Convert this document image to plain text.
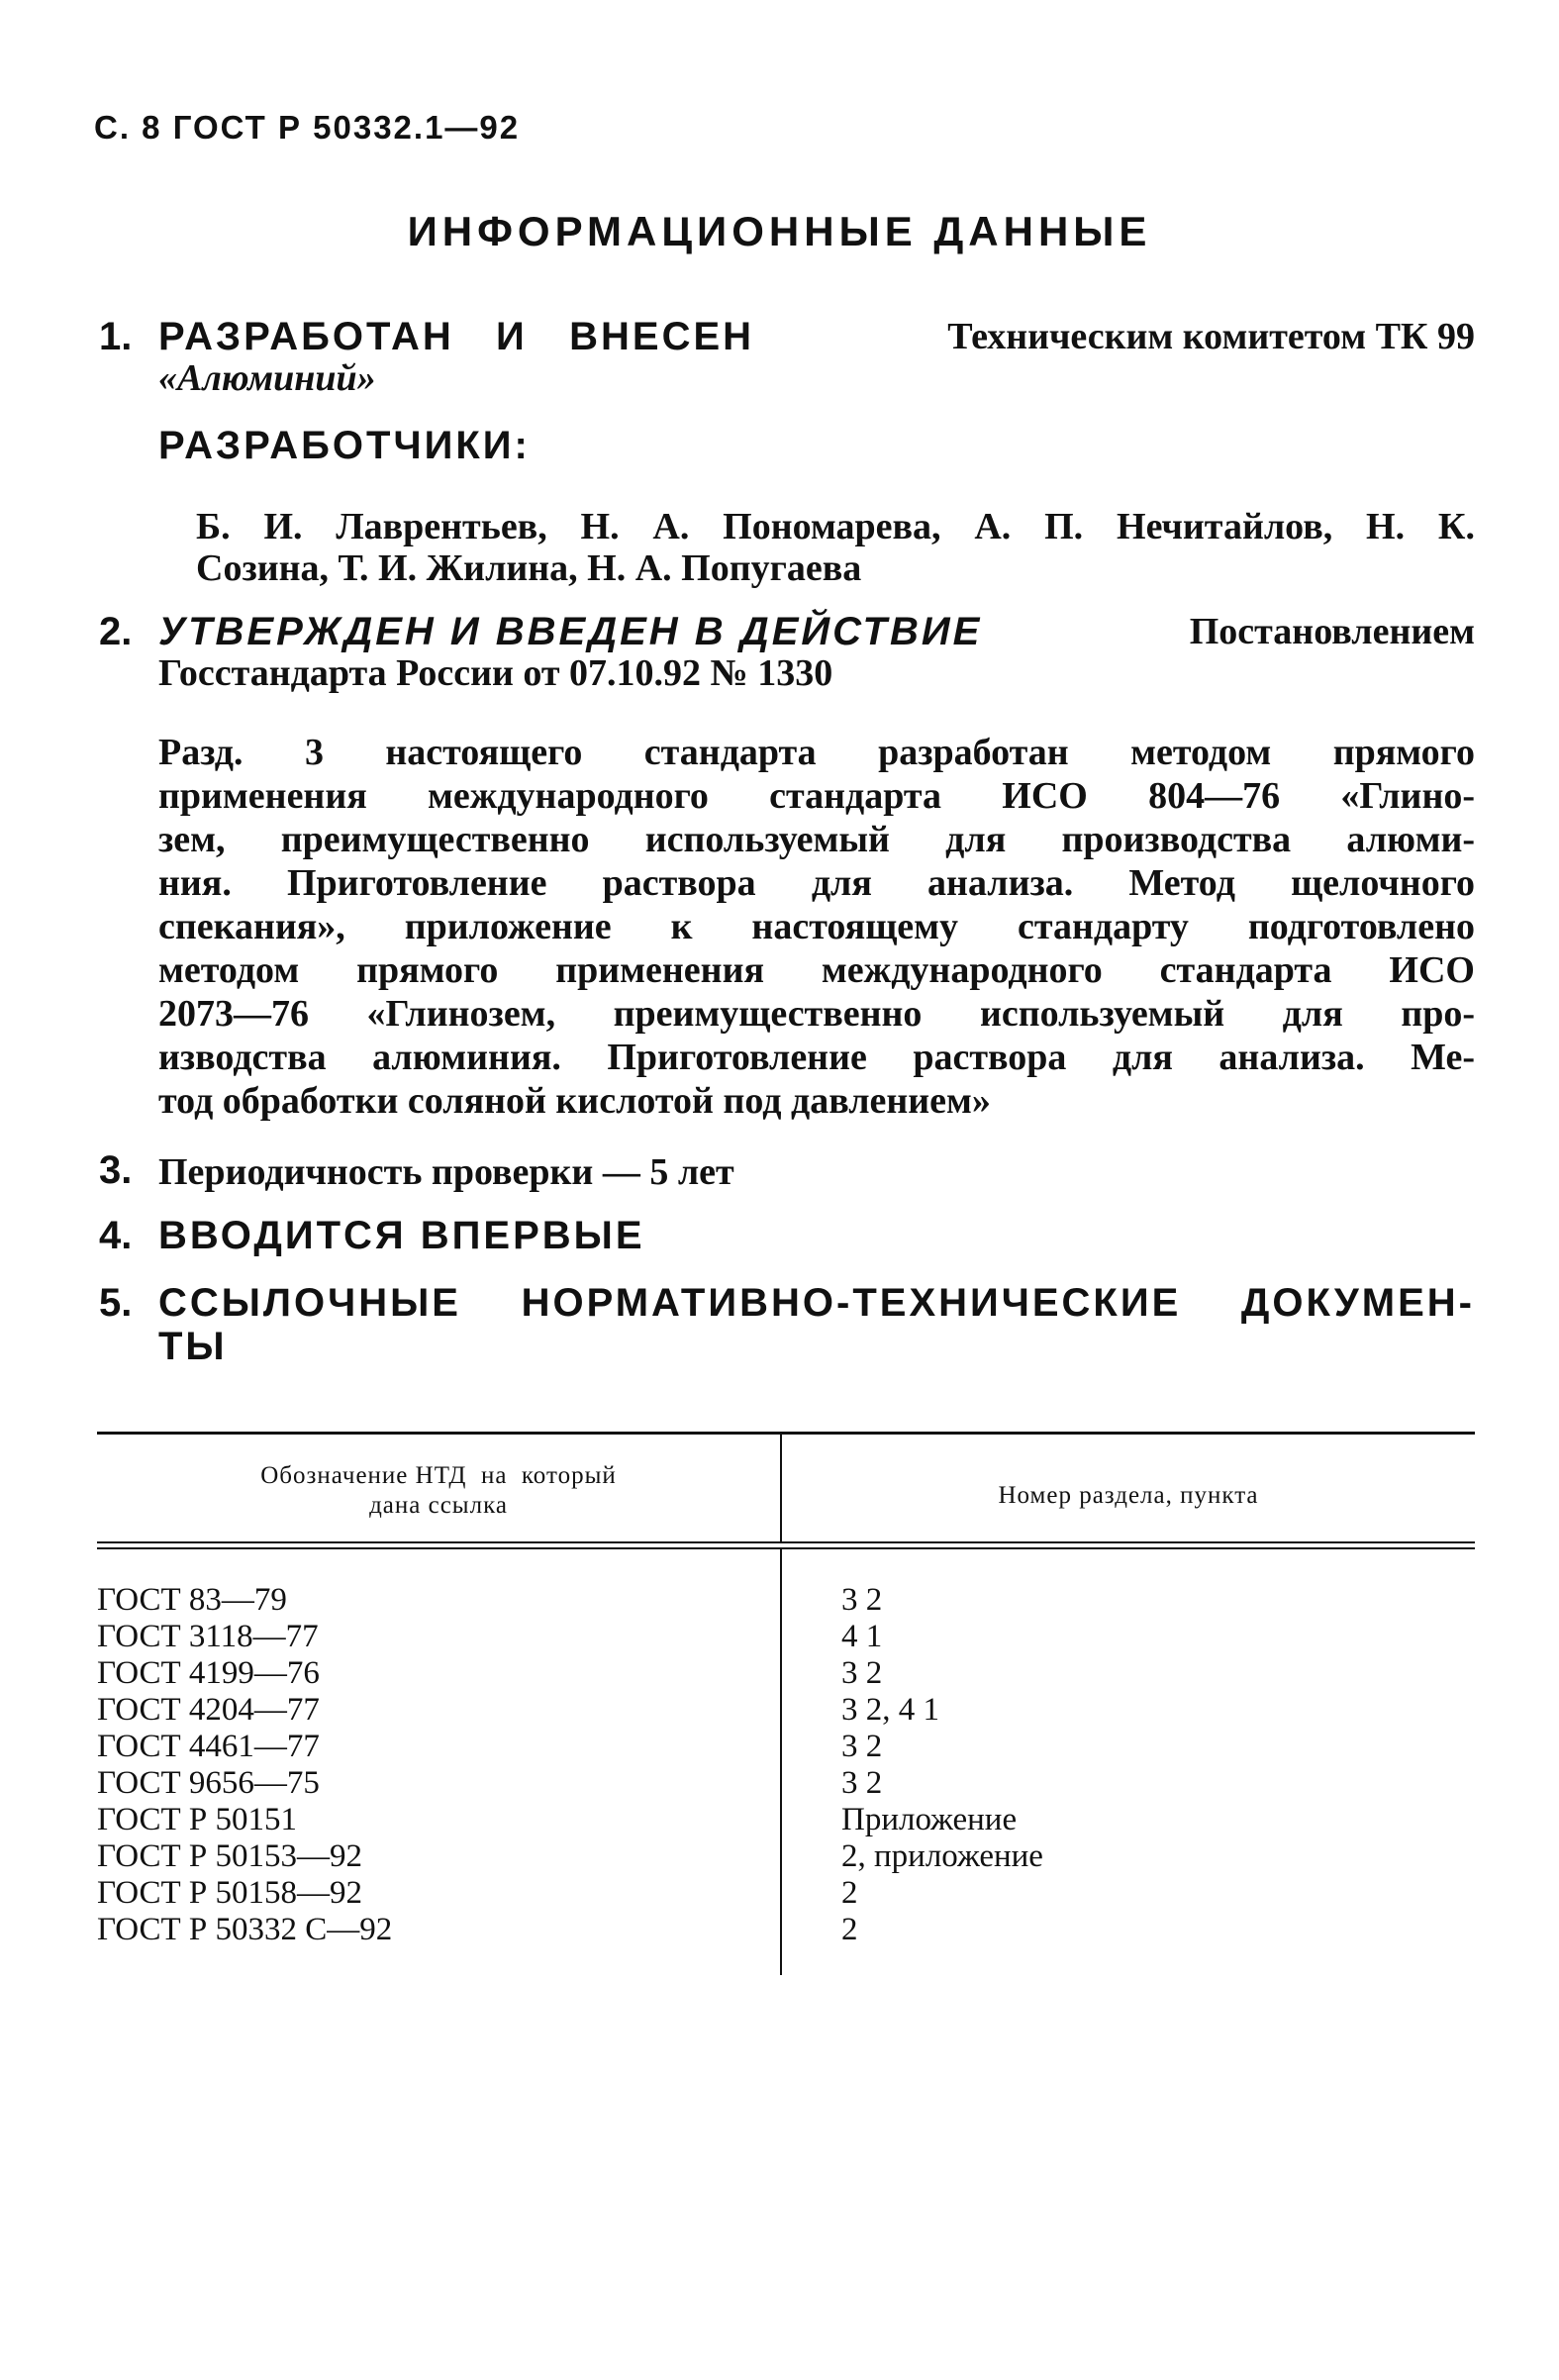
С. 8 ГОСТ Р 50332.1—92
ИНФОРМАЦИОННЫЕ ДАННЫЕ
1. РАЗРАБОТАН   И   ВНЕСЕН	Техническим комитетом ТК 99
«Алюминий»
РАЗРАБОТЧИКИ:
Б. И. Лаврентьев, Н. А. Пономарева, А. П. Нечитайлов, Н. К.
Созина, Т. И. Жилина, Н. А. Попугаева
2. УТВЕРЖДЕН И ВВЕДЕН В ДЕЙСТВИЕ	Постановлением
Госстандарта России от 07.10.92 № 1330
Разд. 3 настоящего стандарта разработан методом прямого
применения международного стандарта ИСО 804—76 «Глино-
зем, преимущественно используемый для производства алюми-
ния. Приготовление раствора для анализа. Метод щелочного
спекания», приложение к настоящему стандарту подготовлено
методом прямого применения международного стандарта ИСО
2073—76 «Глинозем, преимущественно используемый для про-
изводства алюминия. Приготовление раствора для анализа. Ме-
тод обработки соляной кислотой под давлением»
3. Периодичность проверки — 5 лет
4. ВВОДИТСЯ ВПЕРВЫЕ
5. ССЫЛОЧНЫЕ НОРМАТИВНО-ТЕХНИЧЕСКИЕ ДОКУМЕН-
ТЫ
Обозначение НТД  на  который
дана ссылка	Номер раздела, пункта
ГОСТ 83—79	3 2
ГОСТ 3118—77	4 1
ГОСТ 4199—76	3 2
ГОСТ 4204—77	3 2, 4 1
ГОСТ 4461—77	3 2
ГОСТ 9656—75	3 2
ГОСТ Р 50151	Приложение
ГОСТ Р 50153—92	2, приложение
ГОСТ Р 50158—92	2
ГОСТ Р 50332 С—92	2
